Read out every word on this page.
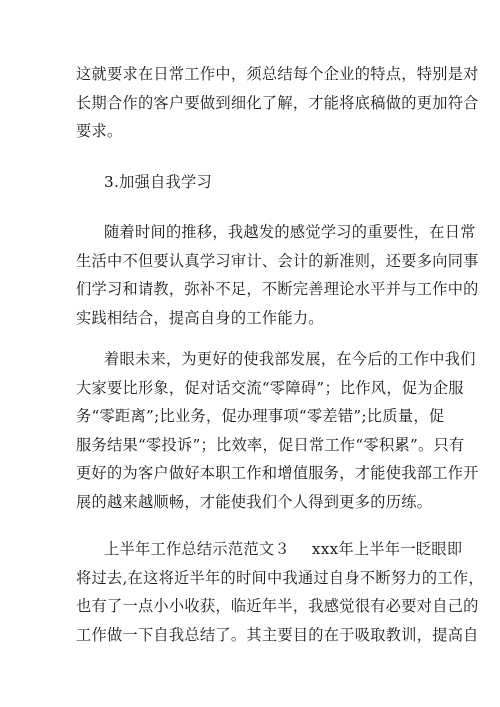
这就要求在日常工作中，须总结每个企业的特点，特别是对
长期合作的客户要做到细化了解，才能将底稿做的更加符合
要求。

3.加强自我学习

随着时间的推移，我越发的感觉学习的重要性，在日常
生活中不但要认真学习审计、会计的新准则，还要多向同事
们学习和请教，弥补不足，不断完善理论水平并与工作中的
实践相结合，提高自身的工作能力。

着眼未来，为更好的使我部发展，在今后的工作中我们
大家要比形象，促对话交流“零障碍”；比作风，促为企服
务“零距离”;比业务，促办理事项“零差错”;比质量，促
服务结果“零投诉”；比效率，促日常工作“零积累”。只有
更好的为客户做好本职工作和增值服务，才能使我部工作开
展的越来越顺畅，才能使我们个人得到更多的历练。

上半年工作总结示范范文３ xxx年上半年一眨眼即
将过去,在这将近半年的时间中我通过自身不断努力的工作，
也有了一点小小收获，临近年半，我感觉很有必要对自己的
工作做一下自我总结了。其主要目的在于吸取教训，提高自
